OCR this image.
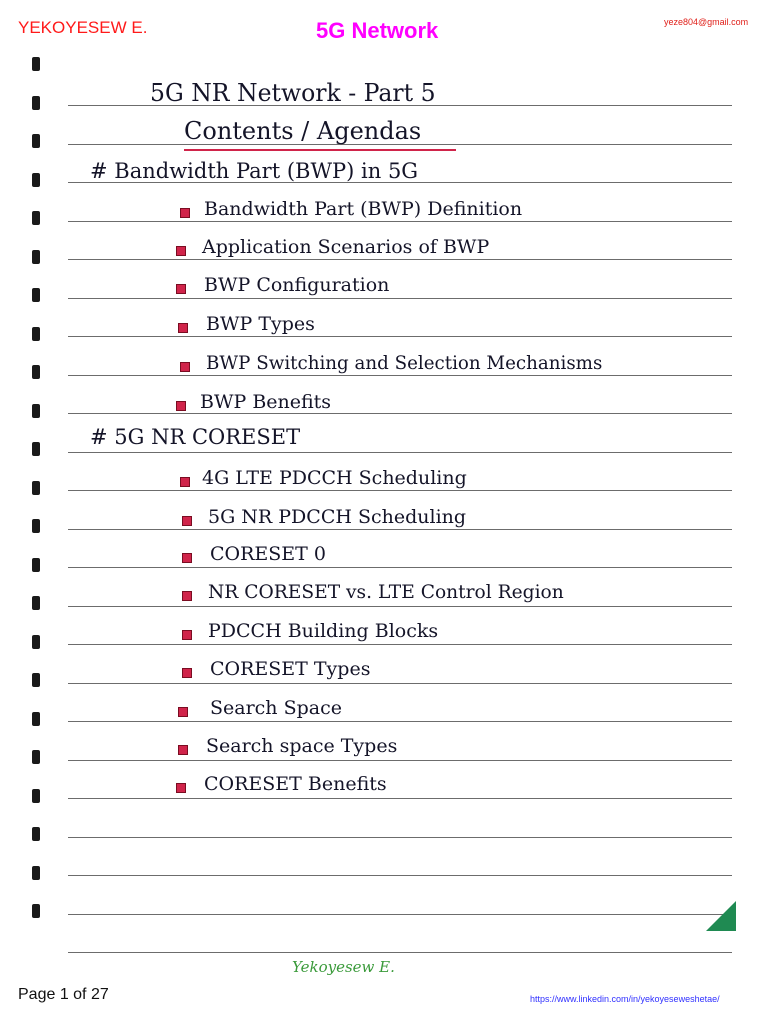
YEKOYESEW E.	5G Network	yeze804@gmail.com
5G NR Network - Part 5
Contents / Agendas
# Bandwidth Part (BWP) in 5G
Bandwidth Part (BWP) Definition
Application Scenarios of BWP
BWP Configuration
BWP Types
BWP Switching and Selection Mechanisms
BWP Benefits
# 5G NR CORESET
4G LTE PDCCH Scheduling
5G NR PDCCH Scheduling
CORESET 0
NR CORESET vs. LTE Control Region
PDCCH Building Blocks
CORESET Types
Search Space
Search space Types
CORESET Benefits
Yekoyesew E.
Page 1 of 27	https://www.linkedin.com/in/yekoyeseweshetae/
